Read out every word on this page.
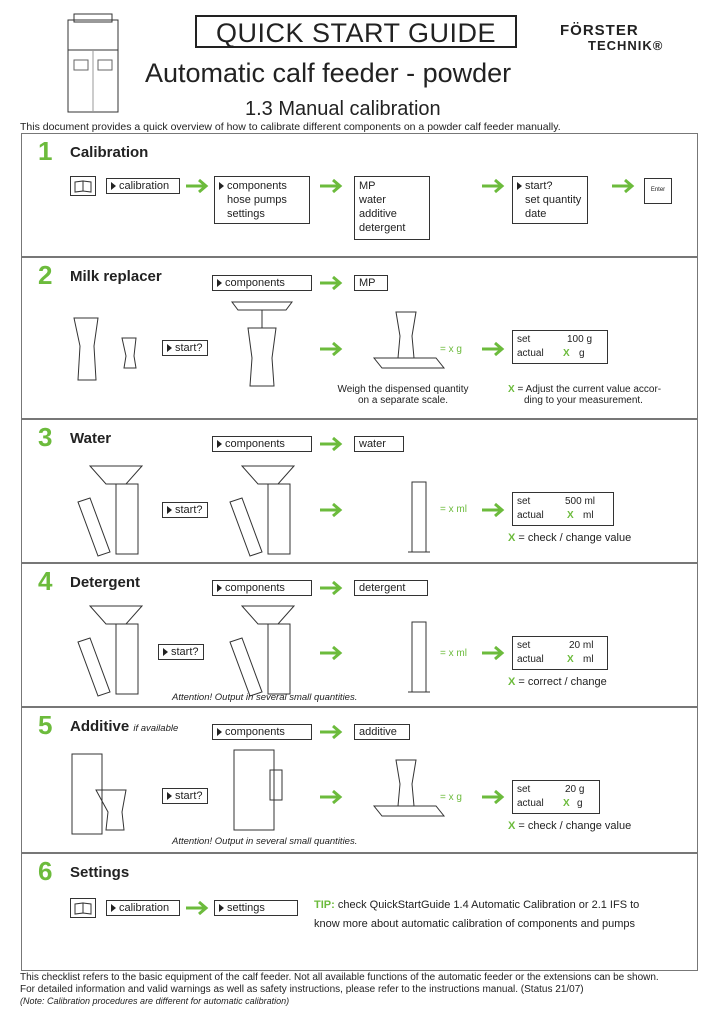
QUICK START GUIDE	FÖRSTER
TECHNIK®
Automatic calf feeder - powder
1.3 Manual calibration
This document provides a quick overview of how to calibrate different components on a powder calf feeder manually.
1 Calibration
calibration	components
hose pumps
settings
MP
water
additive
detergent
start?
set quantity
date
Enter
2 Milk replacer	components	MP
start?	= x g
set	100 g
actual X g
Weigh the dispensed quantity
on a separate scale.
X = Adjust the current value accor-
ding to your measurement.
3 Water	components	water
start?	= x ml
set	500 ml
actual X ml
X = check / change value
4 Detergent	components	detergent
start?
Attention! Output in several small quantities.
= x ml
set	20 ml
actual X ml
X = correct / change
5 Additive if available	components	additive
start?
Attention! Output in several small quantities.
= x g
set	20 g
actual X g
X = check / change value
6 Settings
calibration	settings	TIP: check QuickStartGuide 1.4 Automatic Calibration or 2.1 IFS to
know more about automatic calibration of components and pumps
This checklist refers to the basic equipment of the calf feeder. Not all available functions of the automatic feeder or the extensions can be shown.
For detailed information and valid warnings as well as safety instructions, please refer to the instructions manual. (Status 21/07)
(Note: Calibration procedures are different for automatic calibration)
